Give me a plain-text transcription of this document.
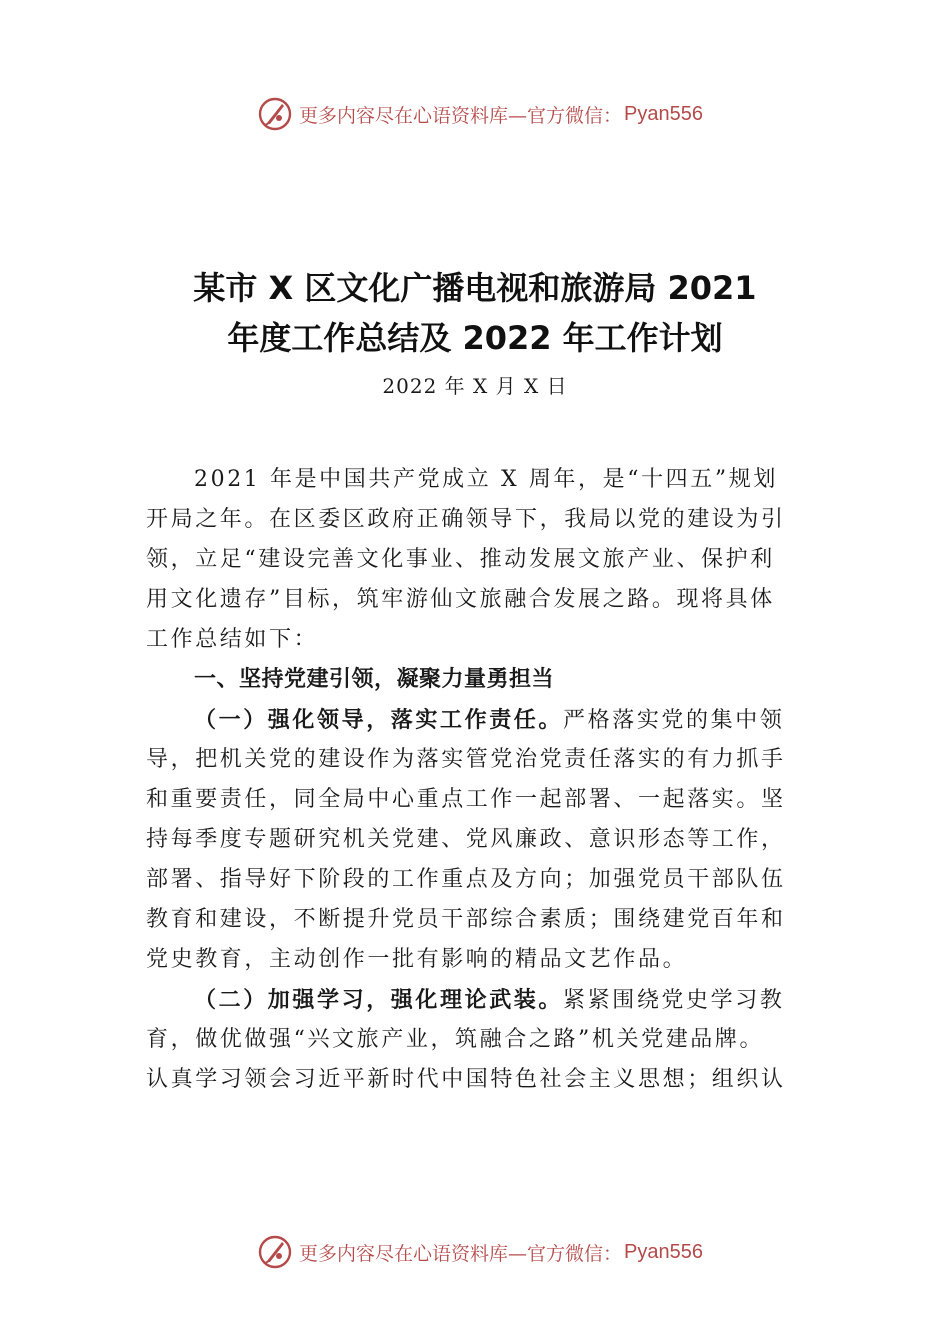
更多内容尽在心语资料库—官方微信： Pyan556
某市 X 区文化广播电视和旅游局 2021
年度工作总结及 2022 年工作计划
2022 年 X 月 X 日
2021 年是中国共产党成立 X 周年，是“十四五”规划
开局之年。在区委区政府正确领导下，我局以党的建设为引
领，立足“建设完善文化事业、推动发展文旅产业、保护利
用文化遗存”目标，筑牢游仙文旅融合发展之路。现将具体
工作总结如下：
一、坚持党建引领，凝聚力量勇担当
（一）强化领导，落实工作责任。严格落实党的集中领
导，把机关党的建设作为落实管党治党责任落实的有力抓手
和重要责任，同全局中心重点工作一起部署、一起落实。坚
持每季度专题研究机关党建、党风廉政、意识形态等工作，
部署、指导好下阶段的工作重点及方向；加强党员干部队伍
教育和建设，不断提升党员干部综合素质；围绕建党百年和
党史教育，主动创作一批有影响的精品文艺作品。
（二）加强学习，强化理论武装。紧紧围绕党史学习教
育，做优做强“兴文旅产业，筑融合之路”机关党建品牌。
认真学习领会习近平新时代中国特色社会主义思想；组织认
更多内容尽在心语资料库—官方微信： Pyan556
